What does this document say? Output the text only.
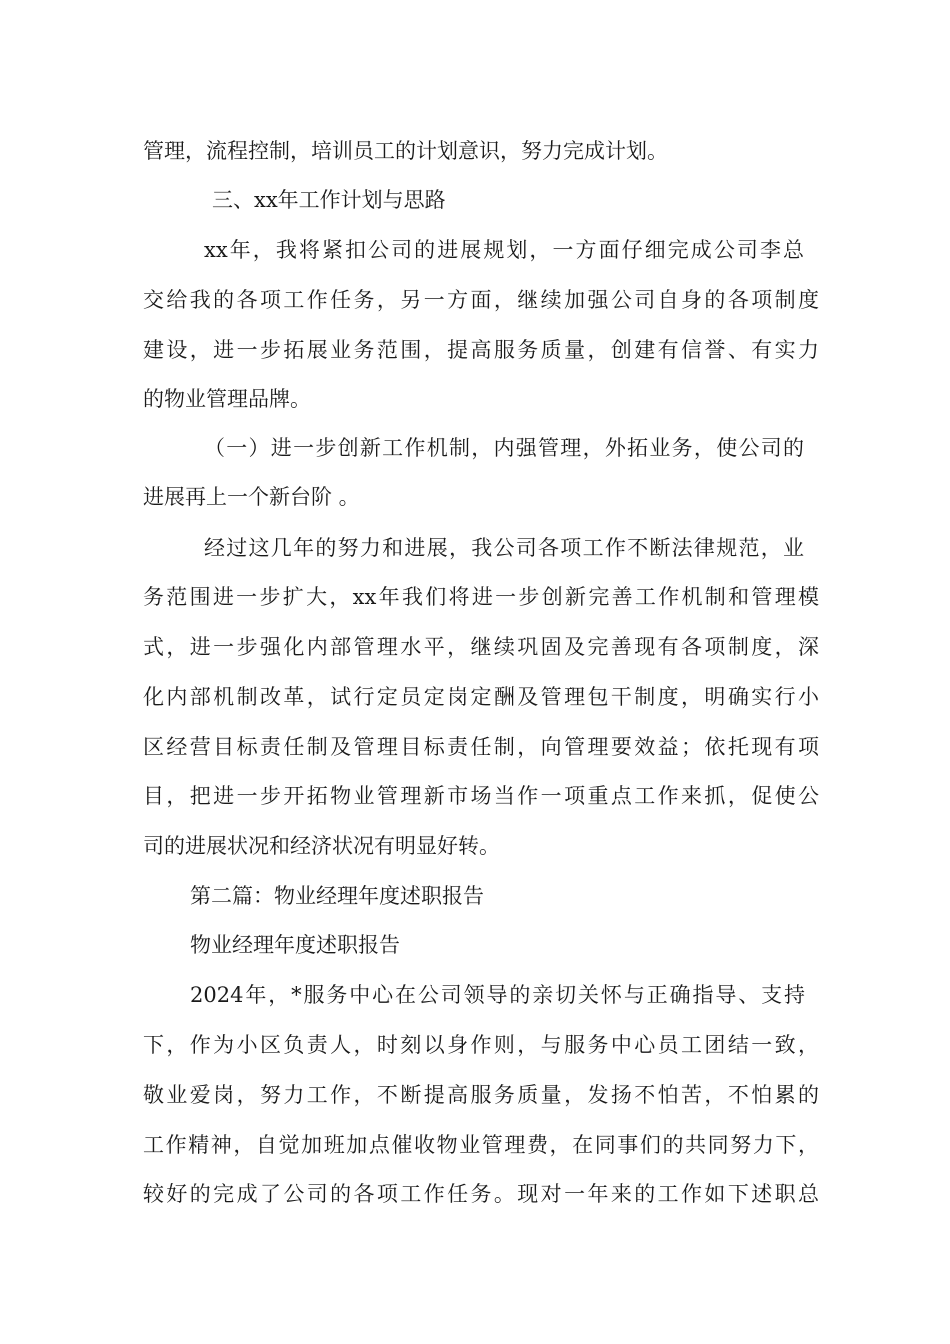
管理，流程控制，培训员工的计划意识，努力完成计划。
三、xx年工作计划与思路
xx年，我将紧扣公司的进展规划，一方面仔细完成公司李总
交给我的各项工作任务，另一方面，继续加强公司自身的各项制度
建设，进一步拓展业务范围，提高服务质量，创建有信誉、有实力
的物业管理品牌。
（一）进一步创新工作机制，内强管理，外拓业务，使公司的
进展再上一个新台阶 。
经过这几年的努力和进展，我公司各项工作不断法律规范，业
务范围进一步扩大，xx年我们将进一步创新完善工作机制和管理模
式，进一步强化内部管理水平，继续巩固及完善现有各项制度，深
化内部机制改革，试行定员定岗定酬及管理包干制度，明确实行小
区经营目标责任制及管理目标责任制，向管理要效益；依托现有项
目，把进一步开拓物业管理新市场当作一项重点工作来抓，促使公
司的进展状况和经济状况有明显好转。
第二篇：物业经理年度述职报告
物业经理年度述职报告
2024年，*服务中心在公司领导的亲切关怀与正确指导、支持
下，作为小区负责人，时刻以身作则，与服务中心员工团结一致，
敬业爱岗，努力工作，不断提高服务质量，发扬不怕苦，不怕累的
工作精神，自觉加班加点催收物业管理费，在同事们的共同努力下，
较好的完成了公司的各项工作任务。现对一年来的工作如下述职总
